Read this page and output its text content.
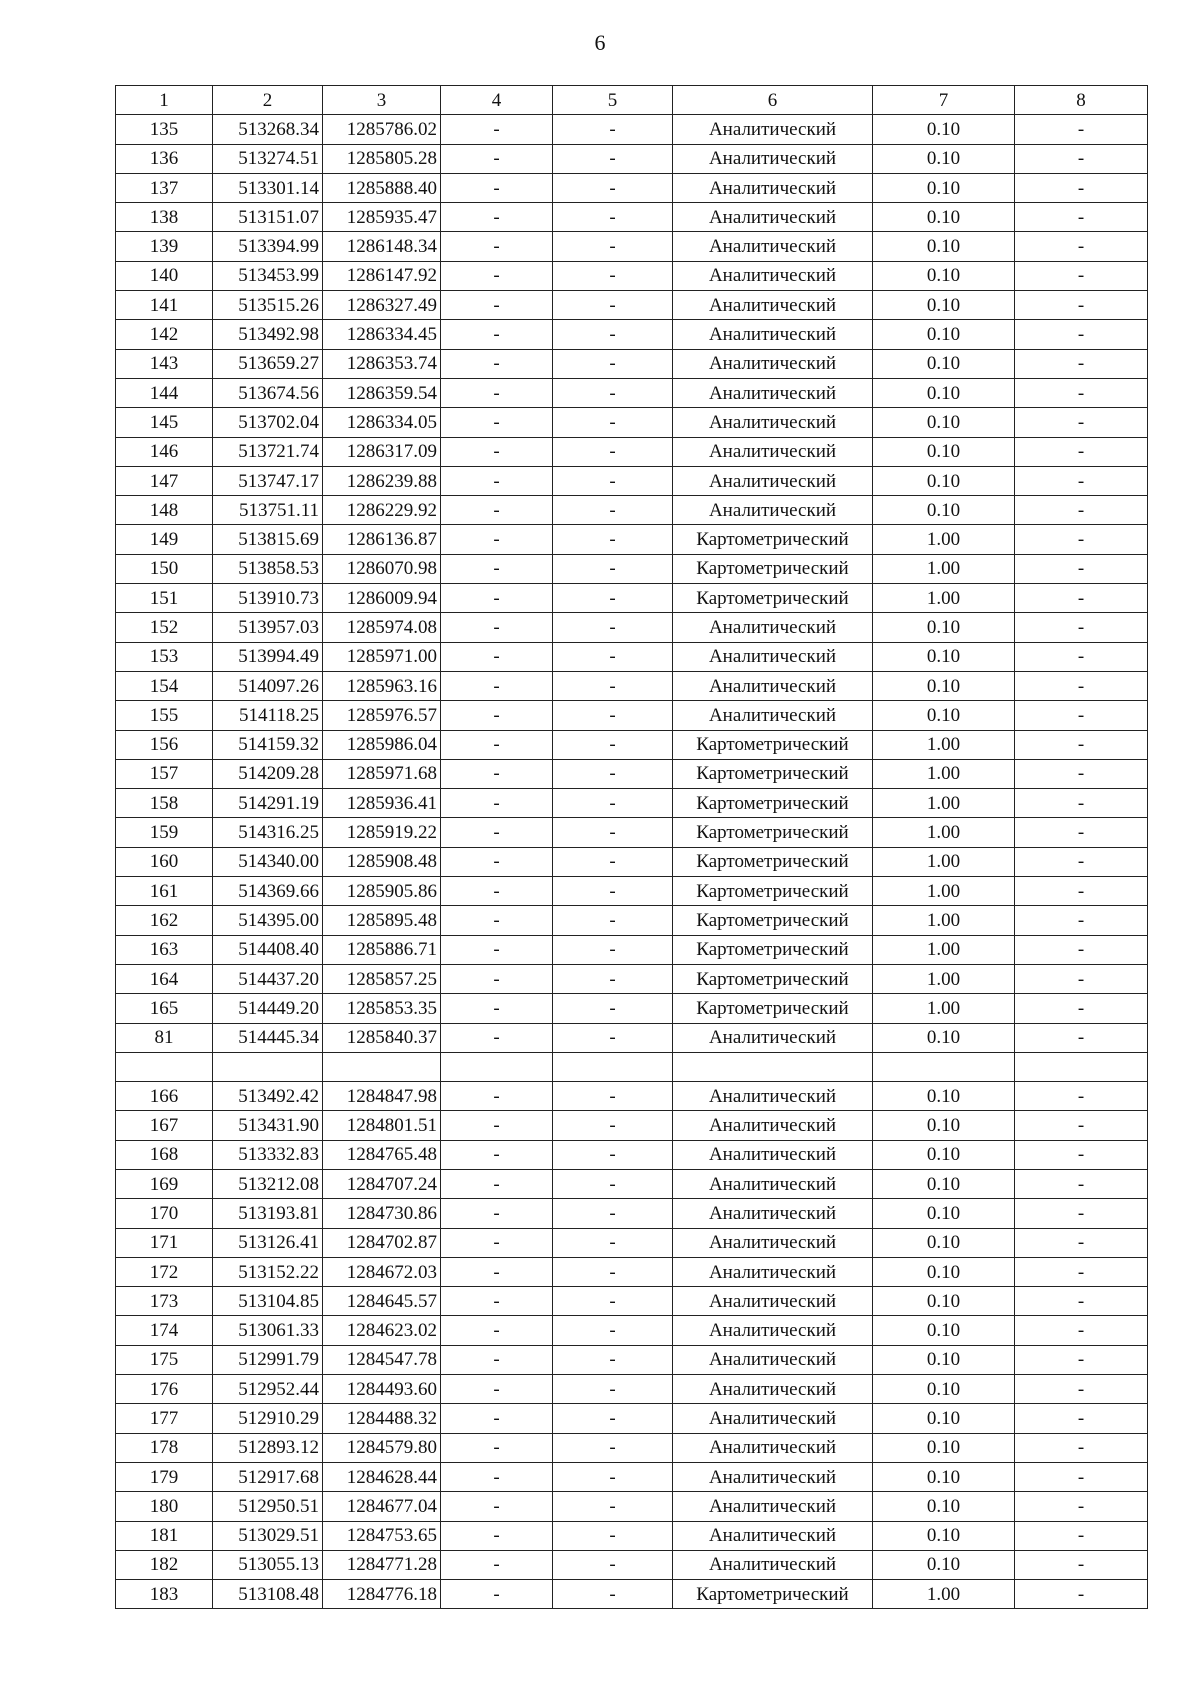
6
1	2	3	4	5	6	7	8
135	513268.34	1285786.02	-	-	Аналитический	0.10	-
136	513274.51	1285805.28	-	-	Аналитический	0.10	-
137	513301.14	1285888.40	-	-	Аналитический	0.10	-
138	513151.07	1285935.47	-	-	Аналитический	0.10	-
139	513394.99	1286148.34	-	-	Аналитический	0.10	-
140	513453.99	1286147.92	-	-	Аналитический	0.10	-
141	513515.26	1286327.49	-	-	Аналитический	0.10	-
142	513492.98	1286334.45	-	-	Аналитический	0.10	-
143	513659.27	1286353.74	-	-	Аналитический	0.10	-
144	513674.56	1286359.54	-	-	Аналитический	0.10	-
145	513702.04	1286334.05	-	-	Аналитический	0.10	-
146	513721.74	1286317.09	-	-	Аналитический	0.10	-
147	513747.17	1286239.88	-	-	Аналитический	0.10	-
148	513751.11	1286229.92	-	-	Аналитический	0.10	-
149	513815.69	1286136.87	-	-	Картометрический	1.00	-
150	513858.53	1286070.98	-	-	Картометрический	1.00	-
151	513910.73	1286009.94	-	-	Картометрический	1.00	-
152	513957.03	1285974.08	-	-	Аналитический	0.10	-
153	513994.49	1285971.00	-	-	Аналитический	0.10	-
154	514097.26	1285963.16	-	-	Аналитический	0.10	-
155	514118.25	1285976.57	-	-	Аналитический	0.10	-
156	514159.32	1285986.04	-	-	Картометрический	1.00	-
157	514209.28	1285971.68	-	-	Картометрический	1.00	-
158	514291.19	1285936.41	-	-	Картометрический	1.00	-
159	514316.25	1285919.22	-	-	Картометрический	1.00	-
160	514340.00	1285908.48	-	-	Картометрический	1.00	-
161	514369.66	1285905.86	-	-	Картометрический	1.00	-
162	514395.00	1285895.48	-	-	Картометрический	1.00	-
163	514408.40	1285886.71	-	-	Картометрический	1.00	-
164	514437.20	1285857.25	-	-	Картометрический	1.00	-
165	514449.20	1285853.35	-	-	Картометрический	1.00	-
81	514445.34	1285840.37	-	-	Аналитический	0.10	-

166	513492.42	1284847.98	-	-	Аналитический	0.10	-
167	513431.90	1284801.51	-	-	Аналитический	0.10	-
168	513332.83	1284765.48	-	-	Аналитический	0.10	-
169	513212.08	1284707.24	-	-	Аналитический	0.10	-
170	513193.81	1284730.86	-	-	Аналитический	0.10	-
171	513126.41	1284702.87	-	-	Аналитический	0.10	-
172	513152.22	1284672.03	-	-	Аналитический	0.10	-
173	513104.85	1284645.57	-	-	Аналитический	0.10	-
174	513061.33	1284623.02	-	-	Аналитический	0.10	-
175	512991.79	1284547.78	-	-	Аналитический	0.10	-
176	512952.44	1284493.60	-	-	Аналитический	0.10	-
177	512910.29	1284488.32	-	-	Аналитический	0.10	-
178	512893.12	1284579.80	-	-	Аналитический	0.10	-
179	512917.68	1284628.44	-	-	Аналитический	0.10	-
180	512950.51	1284677.04	-	-	Аналитический	0.10	-
181	513029.51	1284753.65	-	-	Аналитический	0.10	-
182	513055.13	1284771.28	-	-	Аналитический	0.10	-
183	513108.48	1284776.18	-	-	Картометрический	1.00	-
